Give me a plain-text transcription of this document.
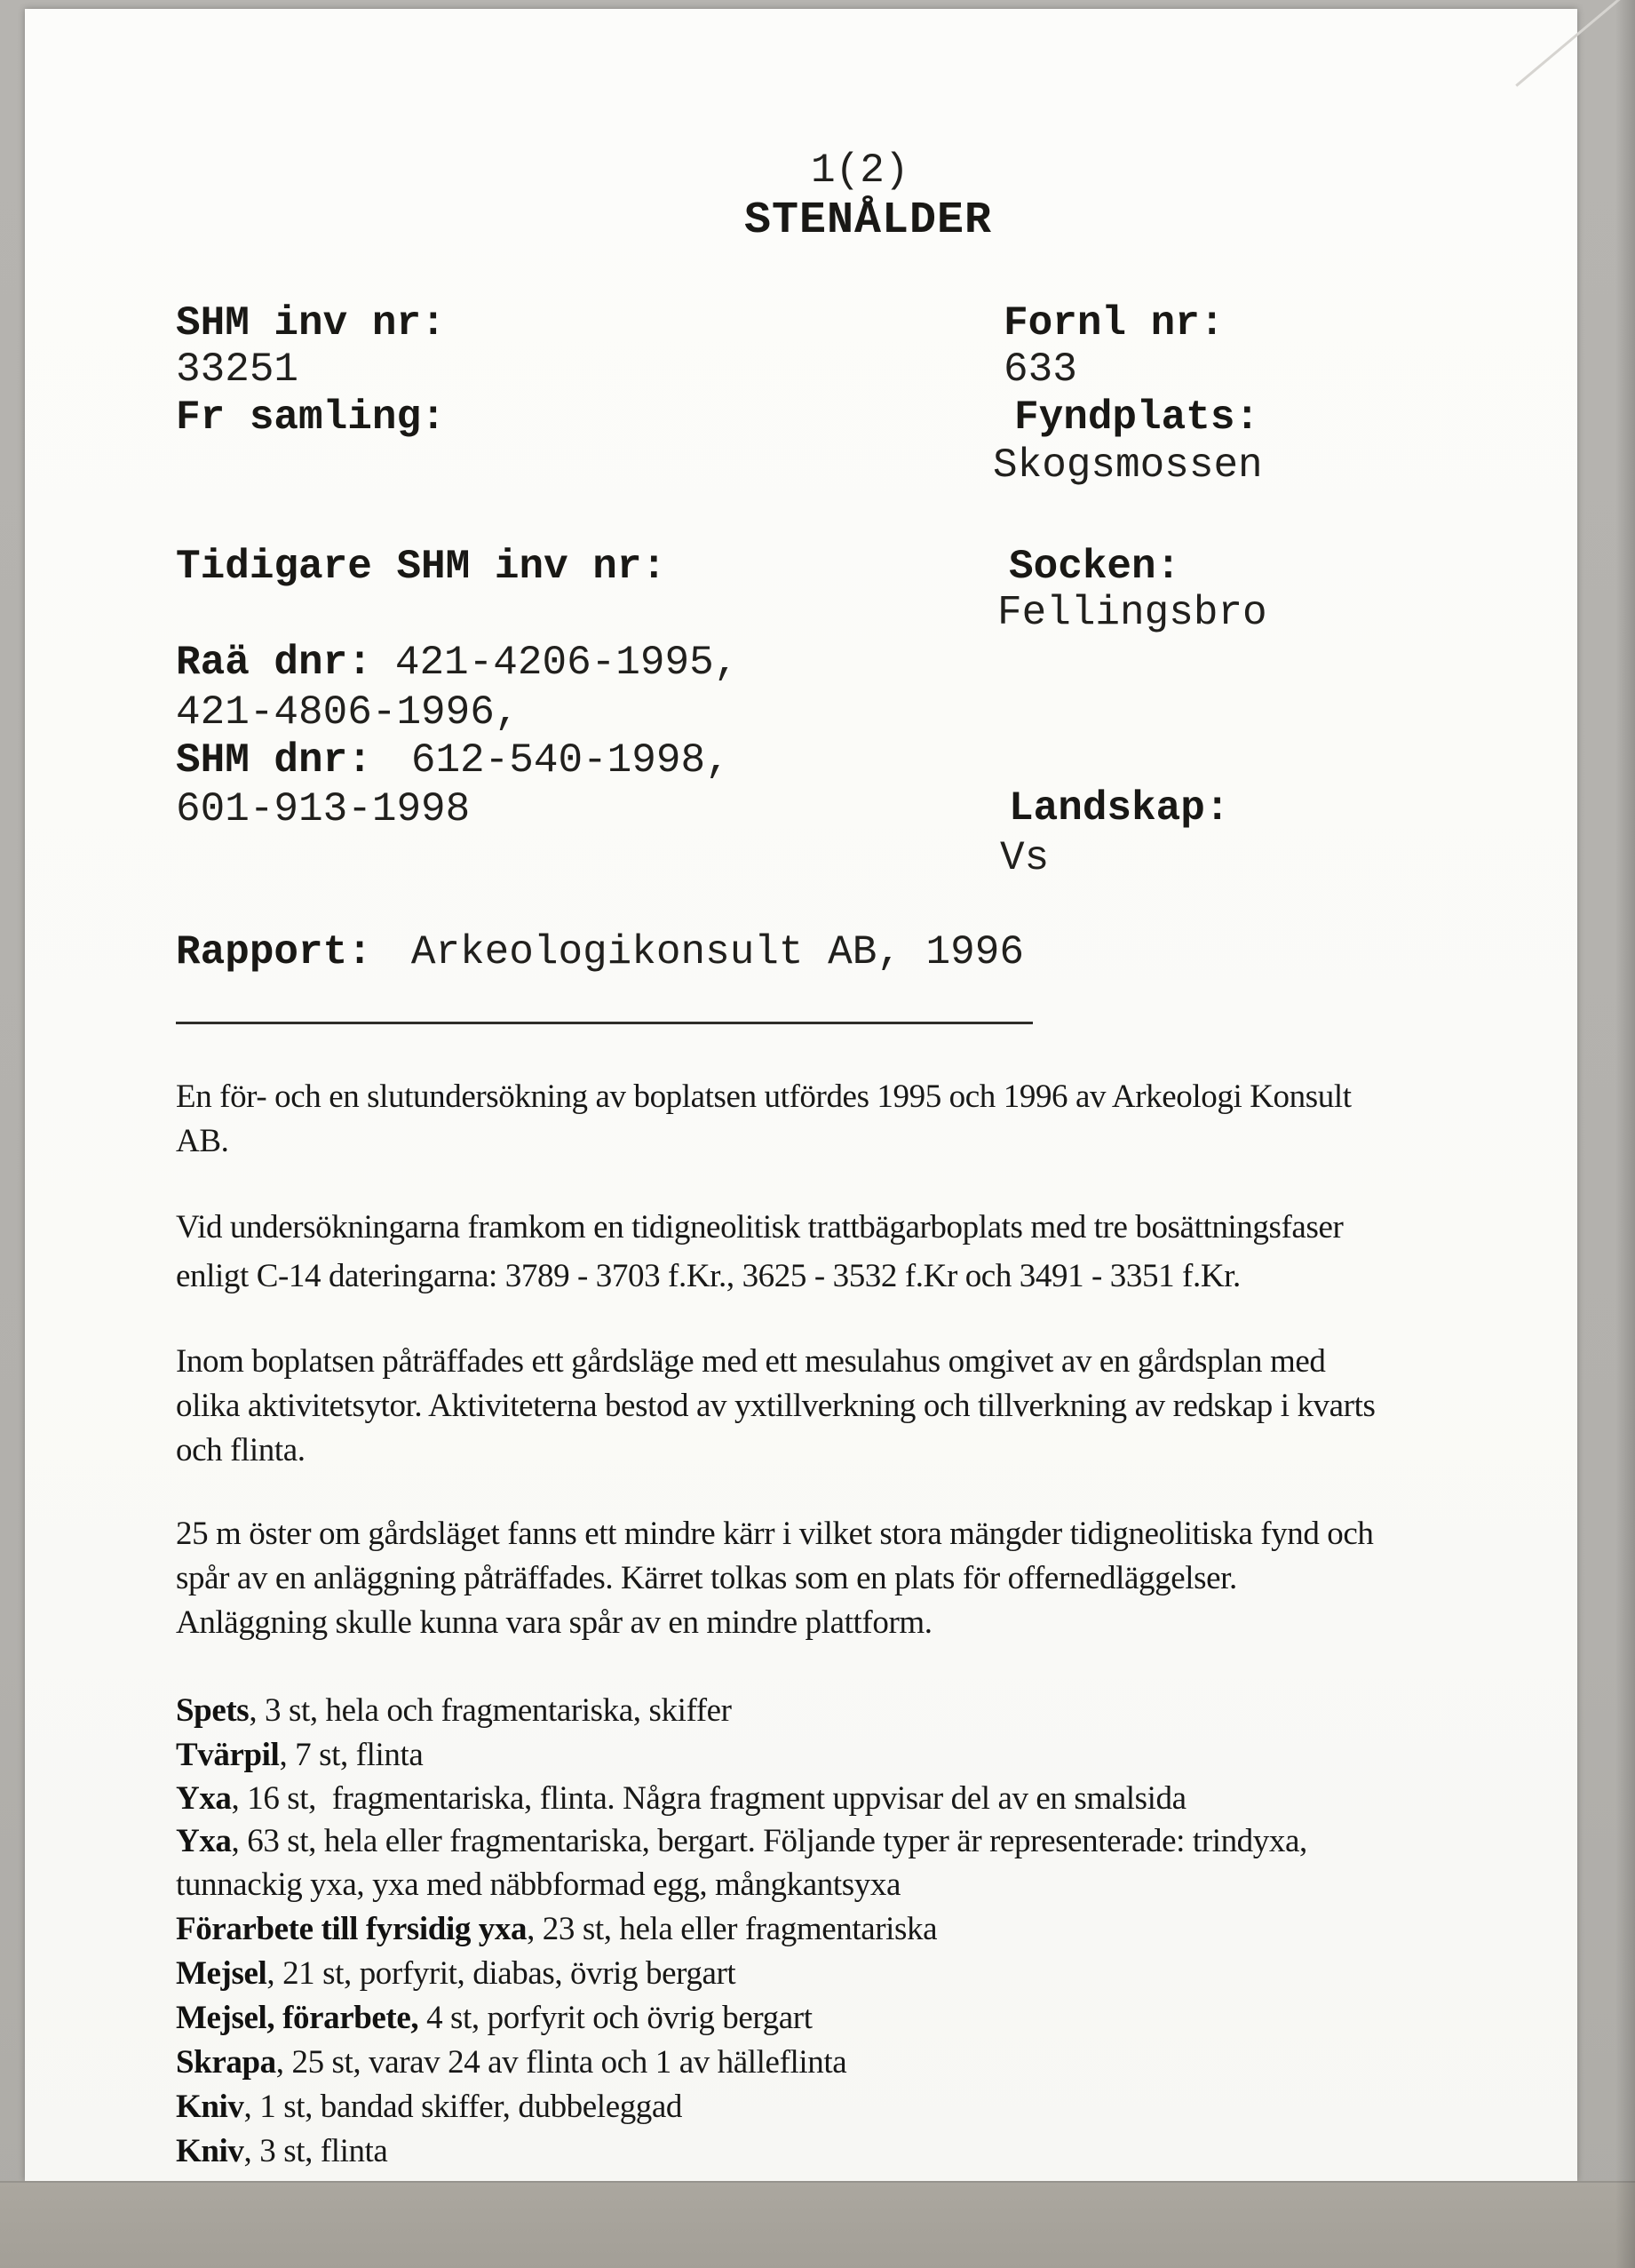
1(2)
STENÅLDER
SHM inv nr:
33251
Fr samling:
Tidigare SHM inv nr:
Raä dnr: 421-4206-1995,
421-4806-1996,
SHM dnr: 612-540-1998,
601-913-1998
Fornl nr:
633
Fyndplats:
Skogsmossen
Socken:
Fellingsbro
Landskap:
Vs
Rapport: Arkeologikonsult AB, 1996
En för- och en slutundersökning av boplatsen utfördes 1995 och 1996 av Arkeologi Konsult
AB.
Vid undersökningarna framkom en tidigneolitisk trattbägarboplats med tre bosättningsfaser
enligt C-14 dateringarna: 3789 - 3703 f.Kr., 3625 - 3532 f.Kr och 3491 - 3351 f.Kr.
Inom boplatsen påträffades ett gårdsläge med ett mesulahus omgivet av en gårdsplan med
olika aktivitetsytor. Aktiviteterna bestod av yxtillverkning och tillverkning av redskap i kvarts
och flinta.
25 m öster om gårdsläget fanns ett mindre kärr i vilket stora mängder tidigneolitiska fynd och
spår av en anläggning påträffades. Kärret tolkas som en plats för offernedläggelser.
Anläggning skulle kunna vara spår av en mindre plattform.
Spets, 3 st, hela och fragmentariska, skiffer
Tvärpil, 7 st, flinta
Yxa, 16 st,  fragmentariska, flinta. Några fragment uppvisar del av en smalsida
Yxa, 63 st, hela eller fragmentariska, bergart. Följande typer är representerade: trindyxa,
tunnackig yxa, yxa med näbbformad egg, mångkantsyxa
Förarbete till fyrsidig yxa, 23 st, hela eller fragmentariska
Mejsel, 21 st, porfyrit, diabas, övrig bergart
Mejsel, förarbete, 4 st, porfyrit och övrig bergart
Skrapa, 25 st, varav 24 av flinta och 1 av hälleflinta
Kniv, 1 st, bandad skiffer, dubbeleggad
Kniv, 3 st, flinta
